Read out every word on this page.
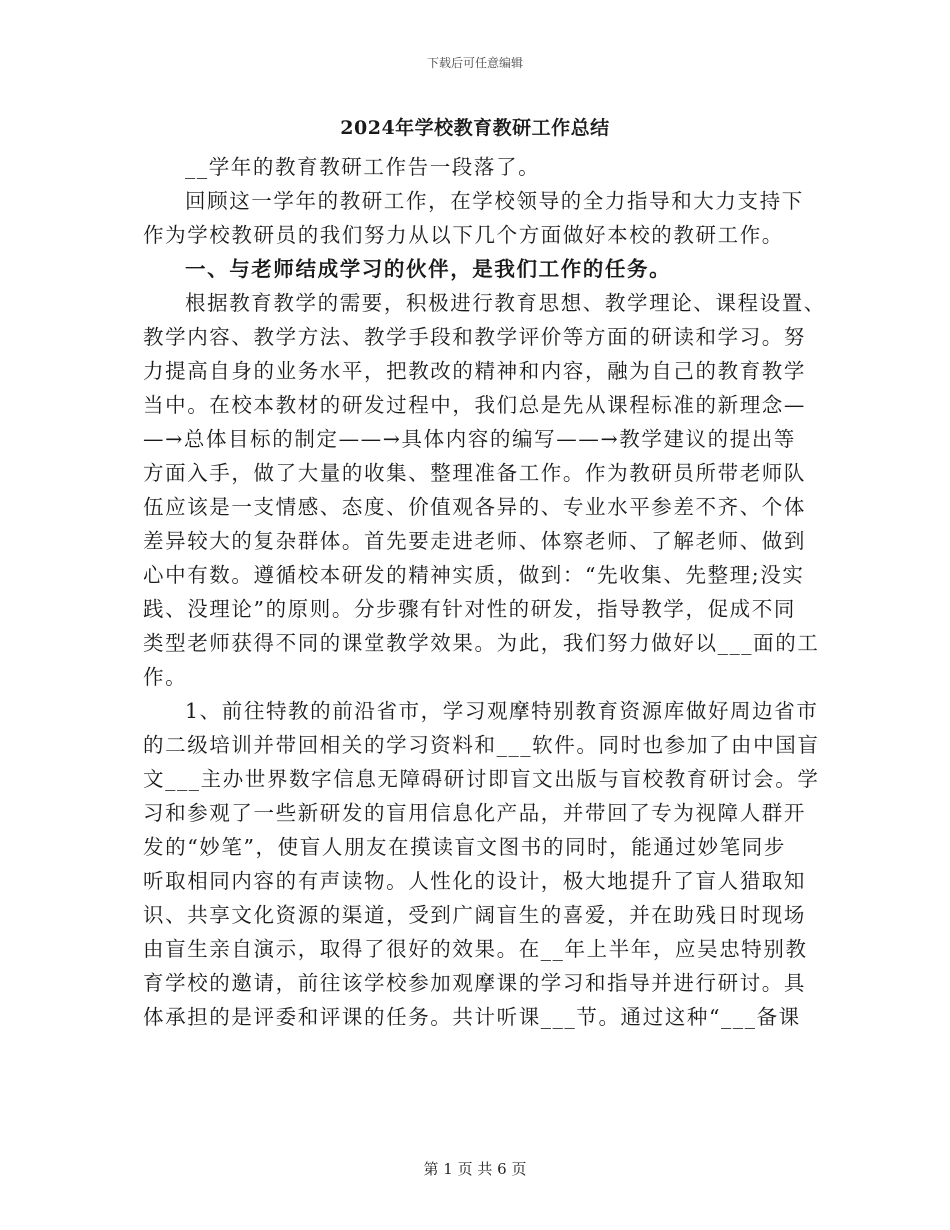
下载后可任意编辑
2024年学校教育教研工作总结

__学年的教育教研工作告一段落了。

回顾这一学年的教研工作，在学校领导的全力指导和大力支持下
作为学校教研员的我们努力从以下几个方面做好本校的教研工作。

一、与老师结成学习的伙伴，是我们工作的任务。

根据教育教学的需要，积极进行教育思想、教学理论、课程设置、
教学内容、教学方法、教学手段和教学评价等方面的研读和学习。努
力提高自身的业务水平，把教改的精神和内容，融为自己的教育教学
当中。在校本教材的研发过程中，我们总是先从课程标准的新理念—
—→总体目标的制定——→具体内容的编写——→教学建议的提出等
方面入手，做了大量的收集、整理准备工作。作为教研员所带老师队
伍应该是一支情感、态度、价值观各异的、专业水平参差不齐、个体
差异较大的复杂群体。首先要走进老师、体察老师、了解老师、做到
心中有数。遵循校本研发的精神实质，做到：“先收集、先整理;没实
践、没理论”的原则。分步骤有针对性的研发，指导教学，促成不同
类型老师获得不同的课堂教学效果。为此，我们努力做好以___面的工
作。

1、前往特教的前沿省市，学习观摩特别教育资源库做好周边省市
的二级培训并带回相关的学习资料和___软件。同时也参加了由中国盲
文___主办世界数字信息无障碍研讨即盲文出版与盲校教育研讨会。学
习和参观了一些新研发的盲用信息化产品，并带回了专为视障人群开
发的“妙笔”，使盲人朋友在摸读盲文图书的同时，能通过妙笔同步
听取相同内容的有声读物。人性化的设计，极大地提升了盲人猎取知
识、共享文化资源的渠道，受到广阔盲生的喜爱，并在助残日时现场
由盲生亲自演示，取得了很好的效果。在__年上半年，应吴忠特别教
育学校的邀请，前往该学校参加观摩课的学习和指导并进行研讨。具
体承担的是评委和评课的任务。共计听课___节。通过这种“___备课

第 1 页 共 6 页
